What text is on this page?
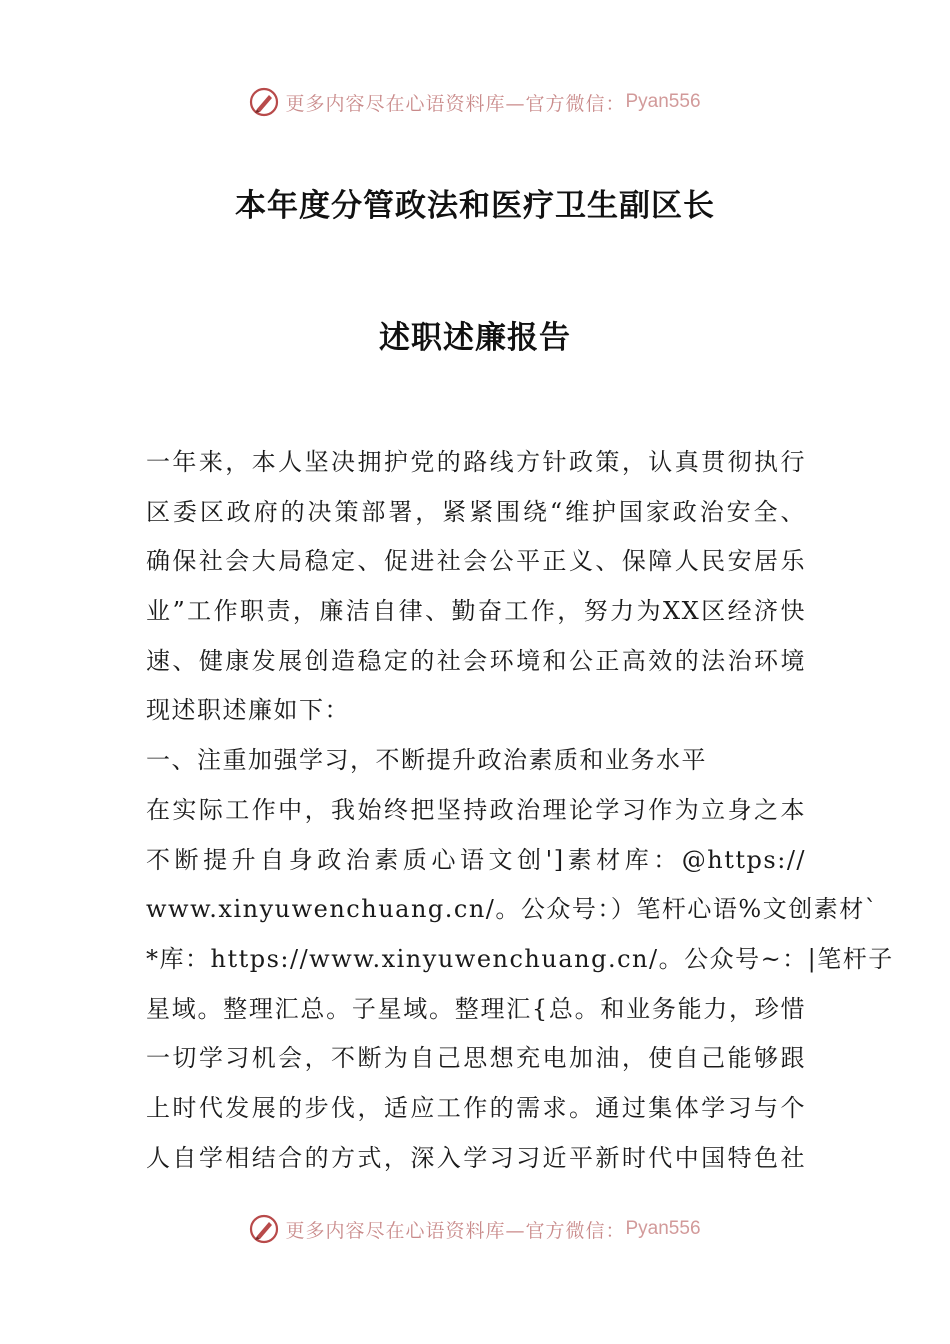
更多内容尽在心语资料库—官方微信： Pyan556
本年度分管政法和医疗卫生副区长
述职述廉报告
一年来，本人坚决拥护党的路线方针政策，认真贯彻执行
区委区政府的决策部署，紧紧围绕“维护国家政治安全、
确保社会大局稳定、促进社会公平正义、保障人民安居乐
业”工作职责，廉洁自律、勤奋工作，努力为XX区经济快
速、健康发展创造稳定的社会环境和公正高效的法治环境
现述职述廉如下：
一、注重加强学习，不断提升政治素质和业务水平
在实际工作中，我始终把坚持政治理论学习作为立身之本
不断提升自身政治素质心语文创']素材库：@https://
www.xinyuwenchuang.cn/。公众号：）笔杆心语%文创素材`
*库：https://www.xinyuwenchuang.cn/。公众号~：|笔杆子
星域。整理汇总。子星域。整理汇{总。和业务能力，珍惜
一切学习机会，不断为自己思想充电加油，使自己能够跟
上时代发展的步伐，适应工作的需求。通过集体学习与个
人自学相结合的方式，深入学习习近平新时代中国特色社
更多内容尽在心语资料库—官方微信： Pyan556
